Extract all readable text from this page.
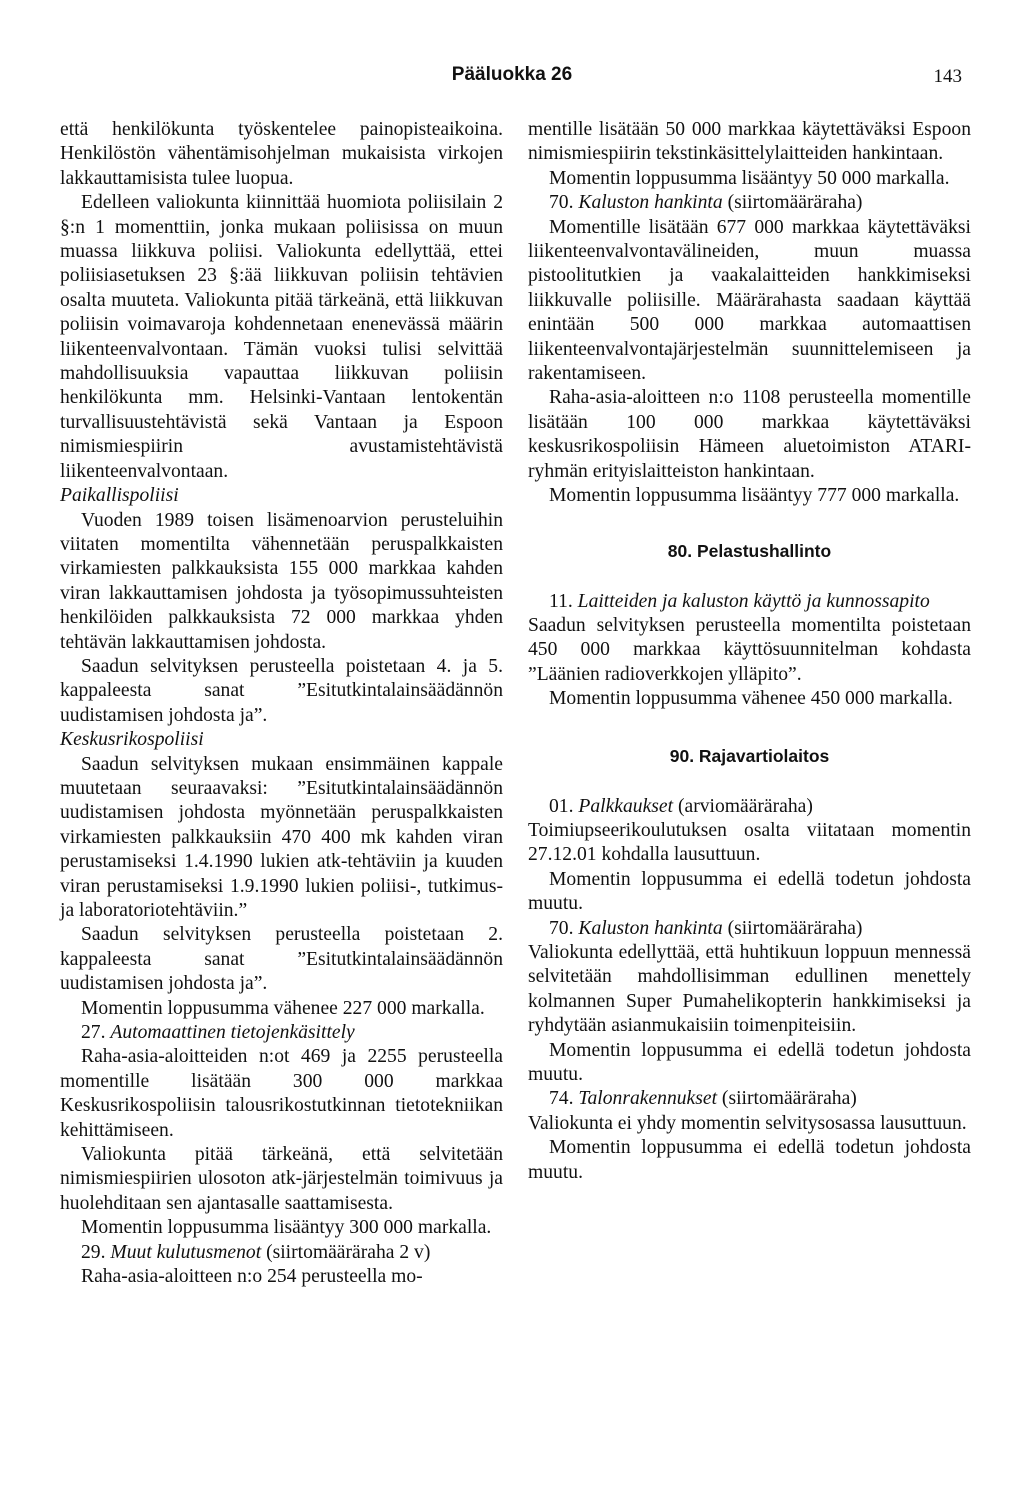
Pääluokka 26	143

että henkilökunta työskentelee painopisteaikoina. Henkilöstön vähentämisohjelman mukaisista virkojen lakkauttamisista tulee luopua.

Edelleen valiokunta kiinnittää huomiota poliisilain 2 §:n 1 momenttiin, jonka mukaan poliisissa on muun muassa liikkuva poliisi. Valiokunta edellyttää, ettei poliisiasetuksen 23 §:ää liikkuvan poliisin tehtävien osalta muuteta. Valiokunta pitää tärkeänä, että liikkuvan poliisin voimavaroja kohdennetaan enenevässä määrin liikenteenvalvontaan. Tämän vuoksi tulisi selvittää mahdollisuuksia vapauttaa liikkuvan poliisin henkilökunta mm. Helsinki-Vantaan lentokentän turvallisuustehtävistä sekä Vantaan ja Espoon nimismiespiirin avustamistehtävistä liikenteenvalvontaan.

Paikallispoliisi

Vuoden 1989 toisen lisämenoarvion perusteluihin viitaten momentilta vähennetään peruspalkkaisten virkamiesten palkkauksista 155 000 markkaa kahden viran lakkauttamisen johdosta ja työsopimussuhteisten henkilöiden palkkauksista 72 000 markkaa yhden tehtävän lakkauttamisen johdosta.

Saadun selvityksen perusteella poistetaan 4. ja 5. kappaleesta sanat ”Esitutkintalainsäädännön uudistamisen johdosta ja”.

Keskusrikospoliisi

Saadun selvityksen mukaan ensimmäinen kappale muutetaan seuraavaksi: ”Esitutkintalainsäädännön uudistamisen johdosta myönnetään peruspalkkaisten virkamiesten palkkauksiin 470 400 mk kahden viran perustamiseksi 1.4.1990 lukien atk-tehtäviin ja kuuden viran perustamiseksi 1.9.1990 lukien poliisi-, tutkimus- ja laboratoriotehtäviin.”

Saadun selvityksen perusteella poistetaan 2. kappaleesta sanat ”Esitutkintalainsäädännön uudistamisen johdosta ja”.

Momentin loppusumma vähenee 227 000 markalla.

27. Automaattinen tietojenkäsittely

Raha-asia-aloitteiden n:ot 469 ja 2255 perusteella momentille lisätään 300 000 markkaa Keskusrikospoliisin talousrikostutkinnan tietotekniikan kehittämiseen.

Valiokunta pitää tärkeänä, että selvitetään nimismiespiirien ulosoton atk-järjestelmän toimivuus ja huolehditaan sen ajantasalle saattamisesta.

Momentin loppusumma lisääntyy 300 000 markalla.

29. Muut kulutusmenot (siirtomääräraha 2 v)

Raha-asia-aloitteen n:o 254 perusteella mo-

mentille lisätään 50 000 markkaa käytettäväksi Espoon nimismiespiirin tekstinkäsittelylaitteiden hankintaan.

Momentin loppusumma lisääntyy 50 000 markalla.

70. Kaluston hankinta (siirtomääräraha)

Momentille lisätään 677 000 markkaa käytettäväksi liikenteenvalvontavälineiden, muun muassa pistoolitutkien ja vaakalaitteiden hankkimiseksi liikkuvalle poliisille. Määrärahasta saadaan käyttää enintään 500 000 markkaa automaattisen liikenteenvalvontajärjestelmän suunnittelemiseen ja rakentamiseen.

Raha-asia-aloitteen n:o 1108 perusteella momentille lisätään 100 000 markkaa käytettäväksi keskusrikospoliisin Hämeen aluetoimiston ATARI-ryhmän erityislaitteiston hankintaan.

Momentin loppusumma lisääntyy 777 000 markalla.

80. Pelastushallinto

11. Laitteiden ja kaluston käyttö ja kunnossapito

Saadun selvityksen perusteella momentilta poistetaan 450 000 markkaa käyttösuunnitelman kohdasta ”Läänien radioverkkojen ylläpito”.

Momentin loppusumma vähenee 450 000 markalla.

90. Rajavartiolaitos

01. Palkkaukset (arviomääräraha)

Toimiupseerikoulutuksen osalta viitataan momentin 27.12.01 kohdalla lausuttuun.

Momentin loppusumma ei edellä todetun johdosta muutu.

70. Kaluston hankinta (siirtomääräraha)

Valiokunta edellyttää, että huhtikuun loppuun mennessä selvitetään mahdollisimman edullinen menettely kolmannen Super Pumahelikopterin hankkimiseksi ja ryhdytään asianmukaisiin toimenpiteisiin.

Momentin loppusumma ei edellä todetun johdosta muutu.

74. Talonrakennukset (siirtomääräraha)

Valiokunta ei yhdy momentin selvitysosassa lausuttuun.

Momentin loppusumma ei edellä todetun johdosta muutu.
